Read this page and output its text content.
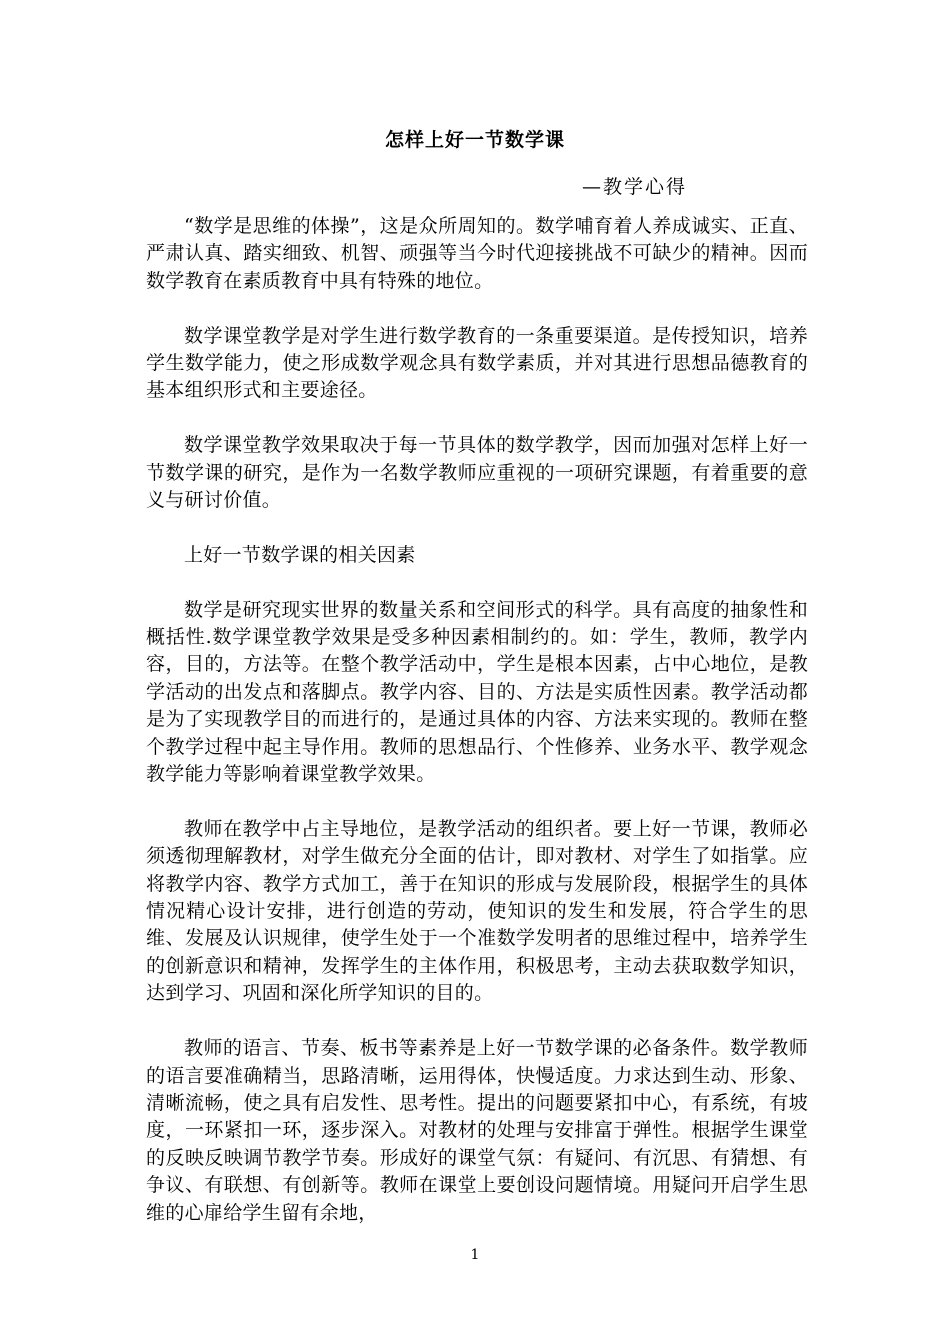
怎样上好一节数学课
—教学心得

“数学是思维的体操”，这是众所周知的。数学哺育着人养成诚实、正直、严肃认真、踏实细致、机智、顽强等当今时代迎接挑战不可缺少的精神。因而数学教育在素质教育中具有特殊的地位。

数学课堂教学是对学生进行数学教育的一条重要渠道。是传授知识，培养学生数学能力，使之形成数学观念具有数学素质，并对其进行思想品德教育的基本组织形式和主要途径。

数学课堂教学效果取决于每一节具体的数学教学，因而加强对怎样上好一节数学课的研究，是作为一名数学教师应重视的一项研究课题，有着重要的意义与研讨价值。

上好一节数学课的相关因素

数学是研究现实世界的数量关系和空间形式的科学。具有高度的抽象性和概括性.数学课堂教学效果是受多种因素相制约的。如：学生，教师，教学内容，目的，方法等。在整个教学活动中，学生是根本因素，占中心地位，是教学活动的出发点和落脚点。教学内容、目的、方法是实质性因素。教学活动都是为了实现教学目的而进行的，是通过具体的内容、方法来实现的。教师在整个教学过程中起主导作用。教师的思想品行、个性修养、业务水平、教学观念教学能力等影响着课堂教学效果。

教师在教学中占主导地位，是教学活动的组织者。要上好一节课，教师必须透彻理解教材，对学生做充分全面的估计，即对教材、对学生了如指掌。应将教学内容、教学方式加工，善于在知识的形成与发展阶段，根据学生的具体情况精心设计安排，进行创造的劳动，使知识的发生和发展，符合学生的思维、发展及认识规律，使学生处于一个准数学发明者的思维过程中，培养学生的创新意识和精神，发挥学生的主体作用，积极思考，主动去获取数学知识，达到学习、巩固和深化所学知识的目的。

教师的语言、节奏、板书等素养是上好一节数学课的必备条件。数学教师的语言要准确精当，思路清晰，运用得体，快慢适度。力求达到生动、形象、清晰流畅，使之具有启发性、思考性。提出的问题要紧扣中心，有系统，有坡度，一环紧扣一环，逐步深入。对教材的处理与安排富于弹性。根据学生课堂的反映反映调节教学节奏。形成好的课堂气氛：有疑问、有沉思、有猜想、有争议、有联想、有创新等。教师在课堂上要创设问题情境。用疑问开启学生思维的心扉给学生留有余地，

1
